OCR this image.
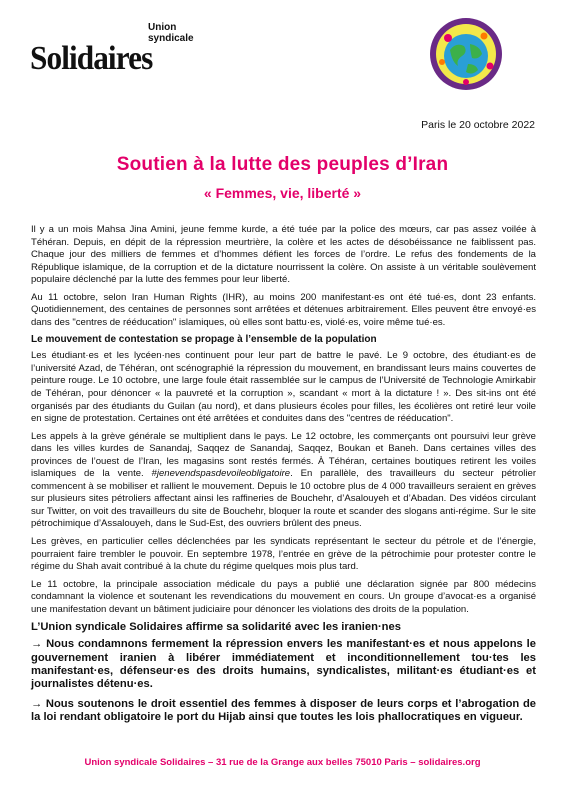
Union syndicale
Solidaires
Paris le 20 octobre 2022
Soutien à la lutte des peuples d’Iran
« Femmes, vie, liberté »

Il y a un mois Mahsa Jina Amini, jeune femme kurde, a été tuée par la police des mœurs, car pas assez voilée à Téhéran. Depuis, en dépit de la répression meurtrière, la colère et les actes de désobéissance ne faiblissent pas. Chaque jour des milliers de femmes et d’hommes défient les forces de l’ordre. Le refus des fondements de la République islamique, de la corruption et de la dictature nourrissent la colère. On assiste à un véritable soulèvement populaire déclenché par la lutte des femmes pour leur liberté.

Au 11 octobre, selon Iran Human Rights (IHR), au moins 200 manifestant·es ont été tué·es, dont 23 enfants. Quotidiennement, des centaines de personnes sont arrêtées et détenues arbitrairement. Elles peuvent être envoyé·es dans des "centres de rééducation" islamiques, où elles sont battu·es, violé·es, voire même tué·es.

Le mouvement de contestation se propage à l’ensemble de la population

Les étudiant·es et les lycéen·nes continuent pour leur part de battre le pavé. Le 9 octobre, des étudiant·es de l’université Azad, de Téhéran, ont scénographié la répression du mouvement, en brandissant leurs mains couvertes de peinture rouge. Le 10 octobre, une large foule était rassemblée sur le campus de l’Université de Technologie Amirkabir de Téhéran, pour dénoncer « la pauvreté et la corruption », scandant « mort à la dictature ! ». Des sit-ins ont été organisés par des étudiants du Guilan (au nord), et dans plusieurs écoles pour filles, les écolières ont retiré leur voile en signe de protestation. Certaines ont été arrêtées et conduites dans des "centres de rééducation".

Les appels à la grève générale se multiplient dans le pays. Le 12 octobre, les commerçants ont poursuivi leur grève dans les villes kurdes de Sanandaj, Saqqez de Sanandaj, Saqqez, Boukan et Baneh. Dans certaines villes des provinces de l’ouest de l’Iran, les magasins sont restés fermés. À Téhéran, certaines boutiques retirent les voiles islamiques de la vente. #jenevendspasdevoileobligatoire. En parallèle, des travailleurs du secteur pétrolier commencent à se mobiliser et rallient le mouvement. Depuis le 10 octobre plus de 4 000 travailleurs seraient en grèves sur plusieurs sites pétroliers affectant ainsi les raffineries de Bouchehr, d’Asalouyeh et d’Abadan. Des vidéos circulant sur Twitter, on voit des travailleurs du site de Bouchehr, bloquer la route et scander des slogans anti-régime. Sur le site pétrochimique d’Assalouyeh, dans le Sud-Est, des ouvriers brûlent des pneus.

Les grèves, en particulier celles déclenchées par les syndicats représentant le secteur du pétrole et de l’énergie, pourraient faire trembler le pouvoir. En septembre 1978, l’entrée en grève de la pétrochimie pour protester contre le régime du Shah avait contribué à la chute du régime quelques mois plus tard.

Le 11 octobre, la principale association médicale du pays a publié une déclaration signée par 800 médecins condamnant la violence et soutenant les revendications du mouvement en cours. Un groupe d’avocat·es a organisé une manifestation devant un bâtiment judiciaire pour dénoncer les violations des droits de la population.

L’Union syndicale Solidaires affirme sa solidarité avec les iranien·nes

→ Nous condamnons fermement la répression envers les manifestant·es et nous appelons le gouvernement iranien à libérer immédiatement et inconditionnellement tou·tes les manifestant·es, défenseur·es des droits humains, syndicalistes, militant·es étudiant·es et journalistes détenu·es.

→ Nous soutenons le droit essentiel des femmes à disposer de leurs corps et l’abrogation de la loi rendant obligatoire le port du Hijab ainsi que toutes les lois phallocratiques en vigueur.

Union syndicale Solidaires – 31 rue de la Grange aux belles 75010 Paris – solidaires.org
